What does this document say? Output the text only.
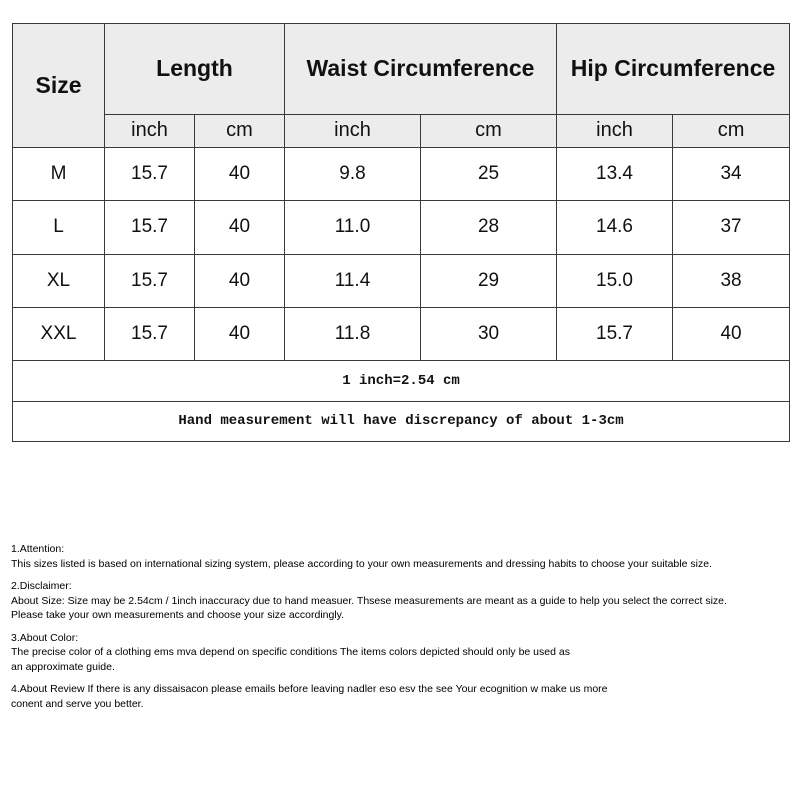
Size	Length		Waist Circumference		Hip Circumference	
	inch	cm	inch	cm	inch	cm
M	15.7	40	9.8	25	13.4	34
L	15.7	40	11.0	28	14.6	37
XL	15.7	40	11.4	29	15.0	38
XXL	15.7	40	11.8	30	15.7	40
1 inch=2.54 cm						
Hand measurement will have discrepancy of about 1-3cm						

1.Attention:

This sizes listed is based on international sizing system, please according to your own measurements and dressing habits to choose your suitable size.

2.Disclaimer:

About Size: Size may be 2.54cm / 1inch inaccuracy due to hand measuer. Thsese measurements are meant as a guide to help you select the correct size.
Please take your own measurements and choose your size accordingly.

3.About Color:

The precise color of a clothing ems mva depend on specific conditions The items colors depicted should only be used as
an approximate guide.

4.About Review If there is any dissaisacon please emails before leaving nadler eso esv the see Your ecognition w make us more

conent and serve you better.
